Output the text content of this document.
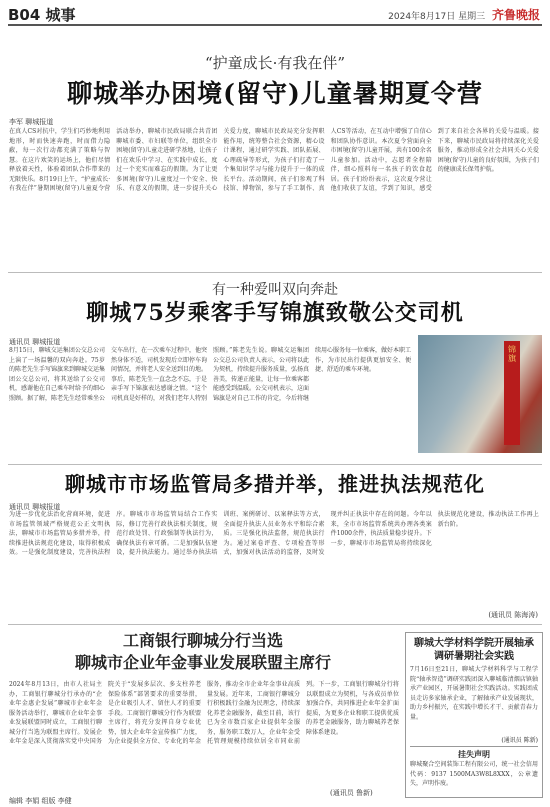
B04 城事	2024年8月17日 星期三 齐鲁晚报
“护童成长·有我在伴”
聊城举办困境(留守)儿童暑期夏令营
李军 聊城报道
在真人CS对抗中，学生们巧妙地利用地形，时而快速奔跑，时而借力隐蔽，每一次行动都充满了策略与智慧。在这片欢笑的运场上，他们尽情释放着天性，体验着团队合作带来的无限快乐。8月19日上午，“护童成长·有我在伴”暑期困境(留守)儿童夏令营活动举办，聊城市民政局联合共青团聊城市委、市妇联等单位，组织全市困境(留守)儿童走进研学基地，让孩子们在欢乐中学习、在实践中成长，度过一个充实而难忘的假期。为了让更多困境(留守)儿童度过一个安全、快乐、有意义的假期，进一步提升关心关爱力度，聊城市民政局充分发挥职能作用，统筹整合社会资源，精心设计课程，通过研学实践、团队拓展、心理疏导等形式，为孩子们打造了一个集知识学习与能力提升于一体的成长平台。活动期间，孩子们参观了科技馆、博物馆，参与了手工制作、真人CS等活动，在互动中增强了自信心和团队协作意识。本次夏令营面向全市困境(留守)儿童开展，共有100余名儿童参加。活动中，志愿者全程陪伴，细心照料每一名孩子的饮食起居。孩子们纷纷表示，这次夏令营让他们收获了友谊，学到了知识，感受到了来自社会各界的关爱与温暖。接下来，聊城市民政局将持续深化关爱服务，推动形成全社会共同关心关爱困境(留守)儿童的良好氛围，为孩子们的健康成长保驾护航。
有一种爱叫双向奔赴
聊城75岁乘客手写锦旗致敬公交司机
通讯员 聊城报道
8月15日，聊城交运集团公交总公司上演了一场温馨的双向奔赴。75岁的陈老先生手写锦旗来到聊城交运集团公交总公司，将其送给了公交司机，感谢他在自己乘车时给予的细心照顾。据了解，陈老先生经常乘坐公交车出行，在一次乘车过程中，他突然身体不适，司机发现后立即停车询问情况，并将老人安全送到目的地。事后，陈老先生一直念念不忘，于是亲手写下锦旗表达感谢之情。“这个司机真是好样的，对我们老年人特别照顾。”陈老先生说。聊城交运集团公交总公司负责人表示，公司将以此为契机，持续提升服务质量，弘扬真善美，传递正能量，让每一位乘客都能感受到温暖。公交司机表示，这面锦旗是对自己工作的肯定，今后将继续用心服务每一位乘客，做好本职工作，为市民出行提供更加安全、便捷、舒适的乘车环境。
锦旗
聊城市市场监管局多措并举，推进执法规范化
通讯员 聊城报道
为进一步优化法治化营商环境，促进市场监管领域严格规范公正文明执法，聊城市市场监管局多措并举，持续推进执法规范化建设，取得积极成效。一是强化制度建设，完善执法程序。聊城市市场监管局结合工作实际，修订完善行政执法相关制度，规范行政处罚、行政强制等执法行为，确保执法有章可循。二是加强队伍建设，提升执法能力。通过举办执法培训班、案例研讨、以案释法等方式，全面提升执法人员业务水平和综合素质。三是强化执法监督，规范执法行为。通过案卷评查、专项检查等形式，加强对执法活动的监督，及时发现并纠正执法中存在的问题。今年以来，全市市场监管系统共办理各类案件1000余件，执法质量稳步提升。下一步，聊城市市场监管局将持续深化执法规范化建设，推动执法工作再上新台阶。
(通讯员 陈海涛)
工商银行聊城分行当选
聊城市企业年金事业发展联盟主席行
2024年8月13日，由市人社局主办，工商银行聊城分行承办的“企业年金惠企发展”聊城市企业年金服务活动举行，聊城市企业年金事业发展联盟同时成立，工商银行聊城分行当选为联盟主席行。发展企业年金是深入贯彻落实党中央国务院关于“发展多层次、多支柱养老保险体系”部署要求的重要举措，是企业吸引人才、留住人才的重要手段。工商银行聊城分行作为联盟主席行，将充分发挥自身专业优势，加大企业年金宣传推广力度，为企业提供全方位、专业化的年金服务，推动全市企业年金事业高质量发展。近年来，工商银行聊城分行积极践行金融为民理念，持续深化养老金融服务，截至目前，该行已为全市数百家企业提供年金服务，服务职工数万人，企业年金受托管理规模持续位居全市同业前列。下一步，工商银行聊城分行将以联盟成立为契机，与各成员单位加强合作，共同推进企业年金扩面提质，为更多企业和职工提供优质的养老金融服务，助力聊城养老保障体系建设。
(通讯员 鲁新)
聊城大学材料学院开展轴承调研暑期社会实践
7月16日至21日，聊城大学材料科学与工程学院“轴承智造”调研实践团深入聊城临清烟店镇轴承产业园区，开展暑期社会实践活动。实践团成员走访多家轴承企业，了解轴承产业发展现状，助力乡村振兴，在实践中增长才干、贡献青春力量。
(通讯员 陈新)
挂失声明
聊城聚合空间装饰工程有限公司，统一社会信用代码：9137 1500MA3W8L8XXX，公章遗失，声明作废。
编辑 李娟 组版 李健
